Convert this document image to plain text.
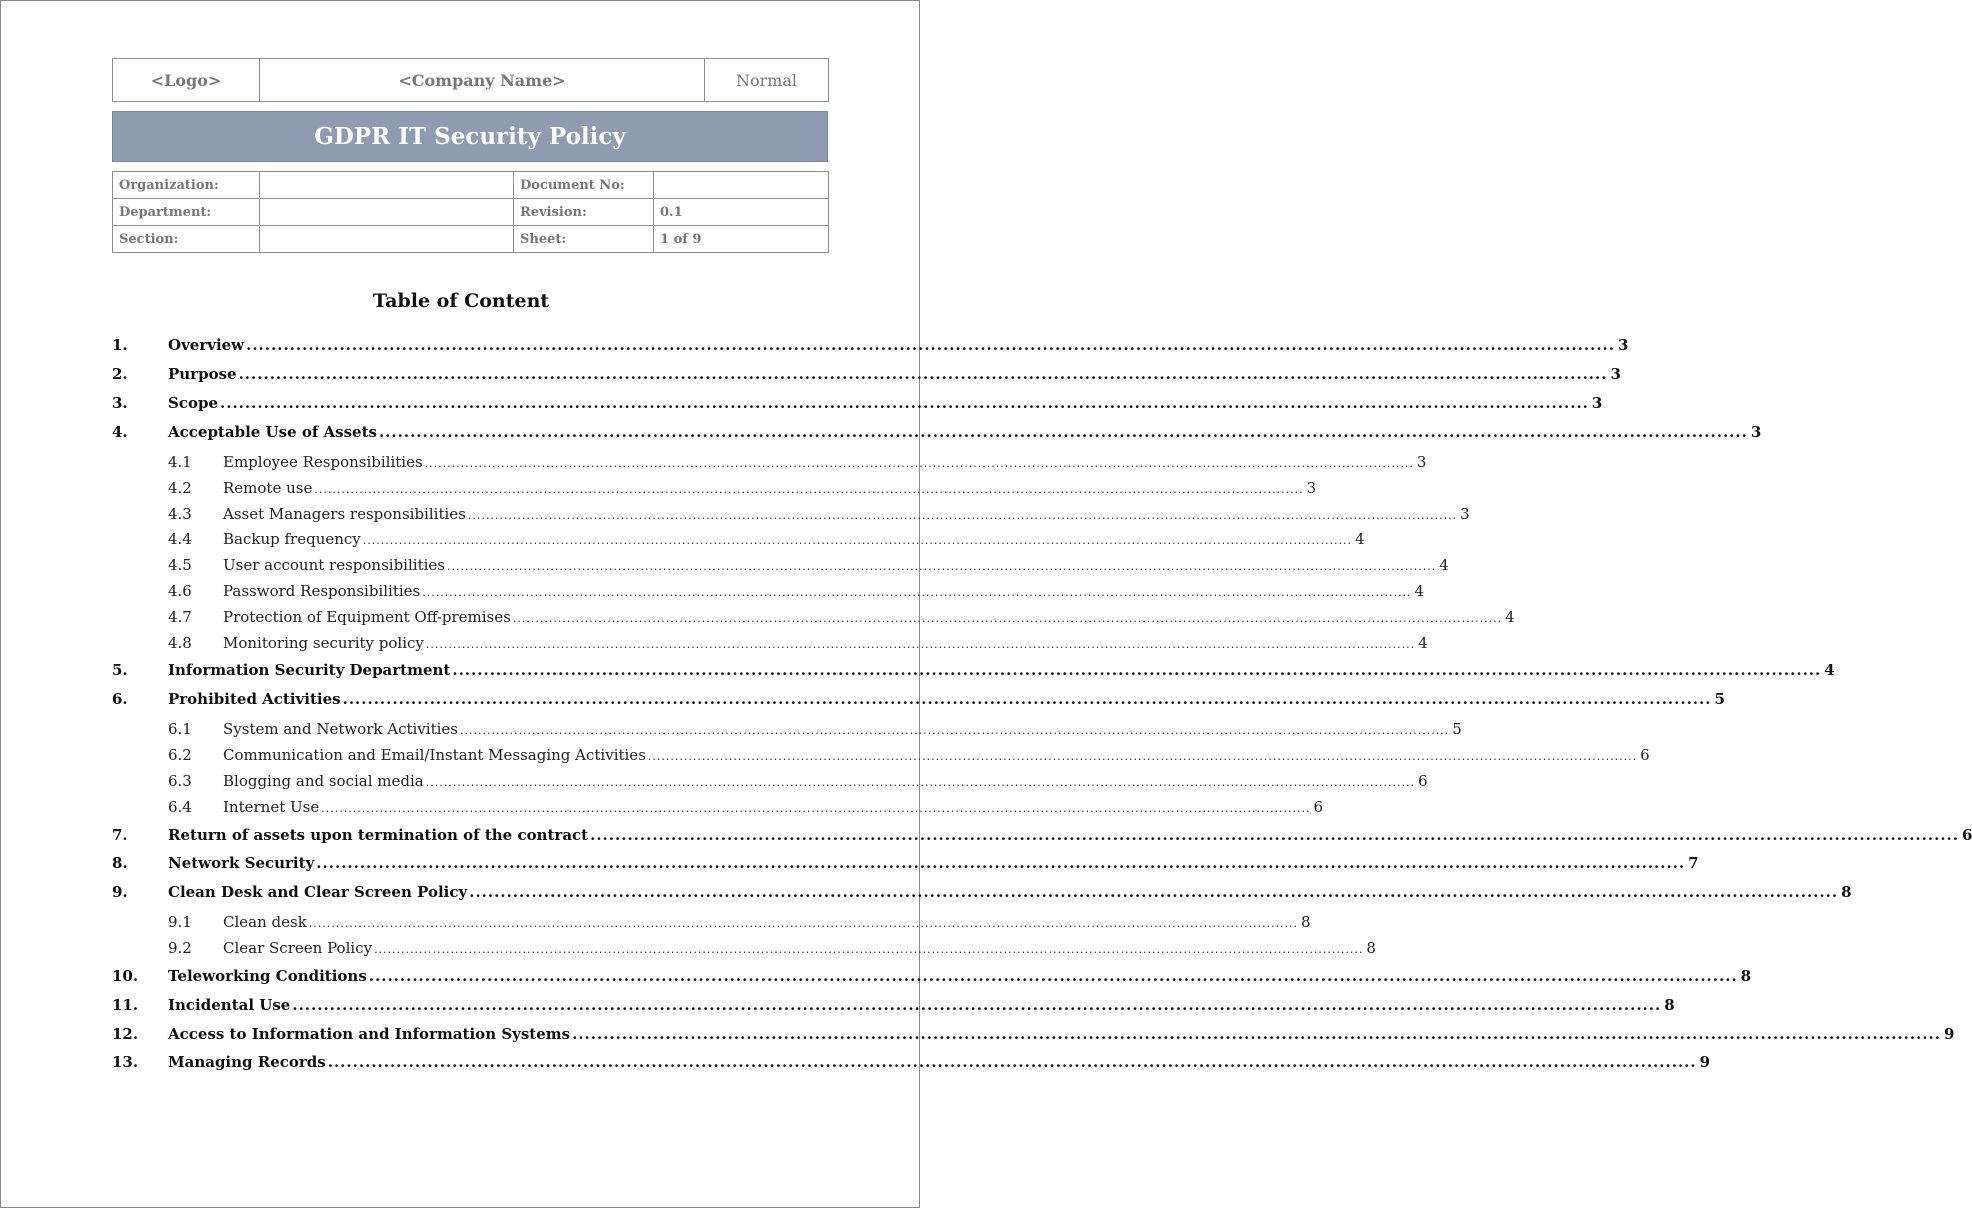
<Logo>	<Company Name>	Normal
GDPR IT Security Policy
Organization:		Document No:	
Department:		Revision:	0.1
Section:		Sheet:	1 of 9
Table of Content
1.	Overview ............................................................................................................................................................................................................................ 3
2.	Purpose ............................................................................................................................................................................................................................ 3
3.	Scope ............................................................................................................................................................................................................................ 3
4.	Acceptable Use of Assets ............................................................................................................................................................................................................................ 3
4.1	Employee Responsibilities ............................................................................................................................................................................................................................ 3
4.2	Remote use ............................................................................................................................................................................................................................ 3
4.3	Asset Managers responsibilities ............................................................................................................................................................................................................................ 3
4.4	Backup frequency ............................................................................................................................................................................................................................ 4
4.5	User account responsibilities ............................................................................................................................................................................................................................ 4
4.6	Password Responsibilities ............................................................................................................................................................................................................................ 4
4.7	Protection of Equipment Off-premises ............................................................................................................................................................................................................................ 4
4.8	Monitoring security policy ............................................................................................................................................................................................................................ 4
5.	Information Security Department ............................................................................................................................................................................................................................ 4
6.	Prohibited Activities ............................................................................................................................................................................................................................ 5
6.1	System and Network Activities ............................................................................................................................................................................................................................ 5
6.2	Communication and Email/Instant Messaging Activities ............................................................................................................................................................................................................................ 6
6.3	Blogging and social media ............................................................................................................................................................................................................................ 6
6.4	Internet Use ............................................................................................................................................................................................................................ 6
7.	Return of assets upon termination of the contract ............................................................................................................................................................................................................................ 6
8.	Network Security ............................................................................................................................................................................................................................ 7
9.	Clean Desk and Clear Screen Policy ............................................................................................................................................................................................................................ 8
9.1	Clean desk ............................................................................................................................................................................................................................ 8
9.2	Clear Screen Policy ............................................................................................................................................................................................................................ 8
10.	Teleworking Conditions ............................................................................................................................................................................................................................ 8
11.	Incidental Use ............................................................................................................................................................................................................................ 8
12.	Access to Information and Information Systems ............................................................................................................................................................................................................................ 9
13.	Managing Records ............................................................................................................................................................................................................................ 9
